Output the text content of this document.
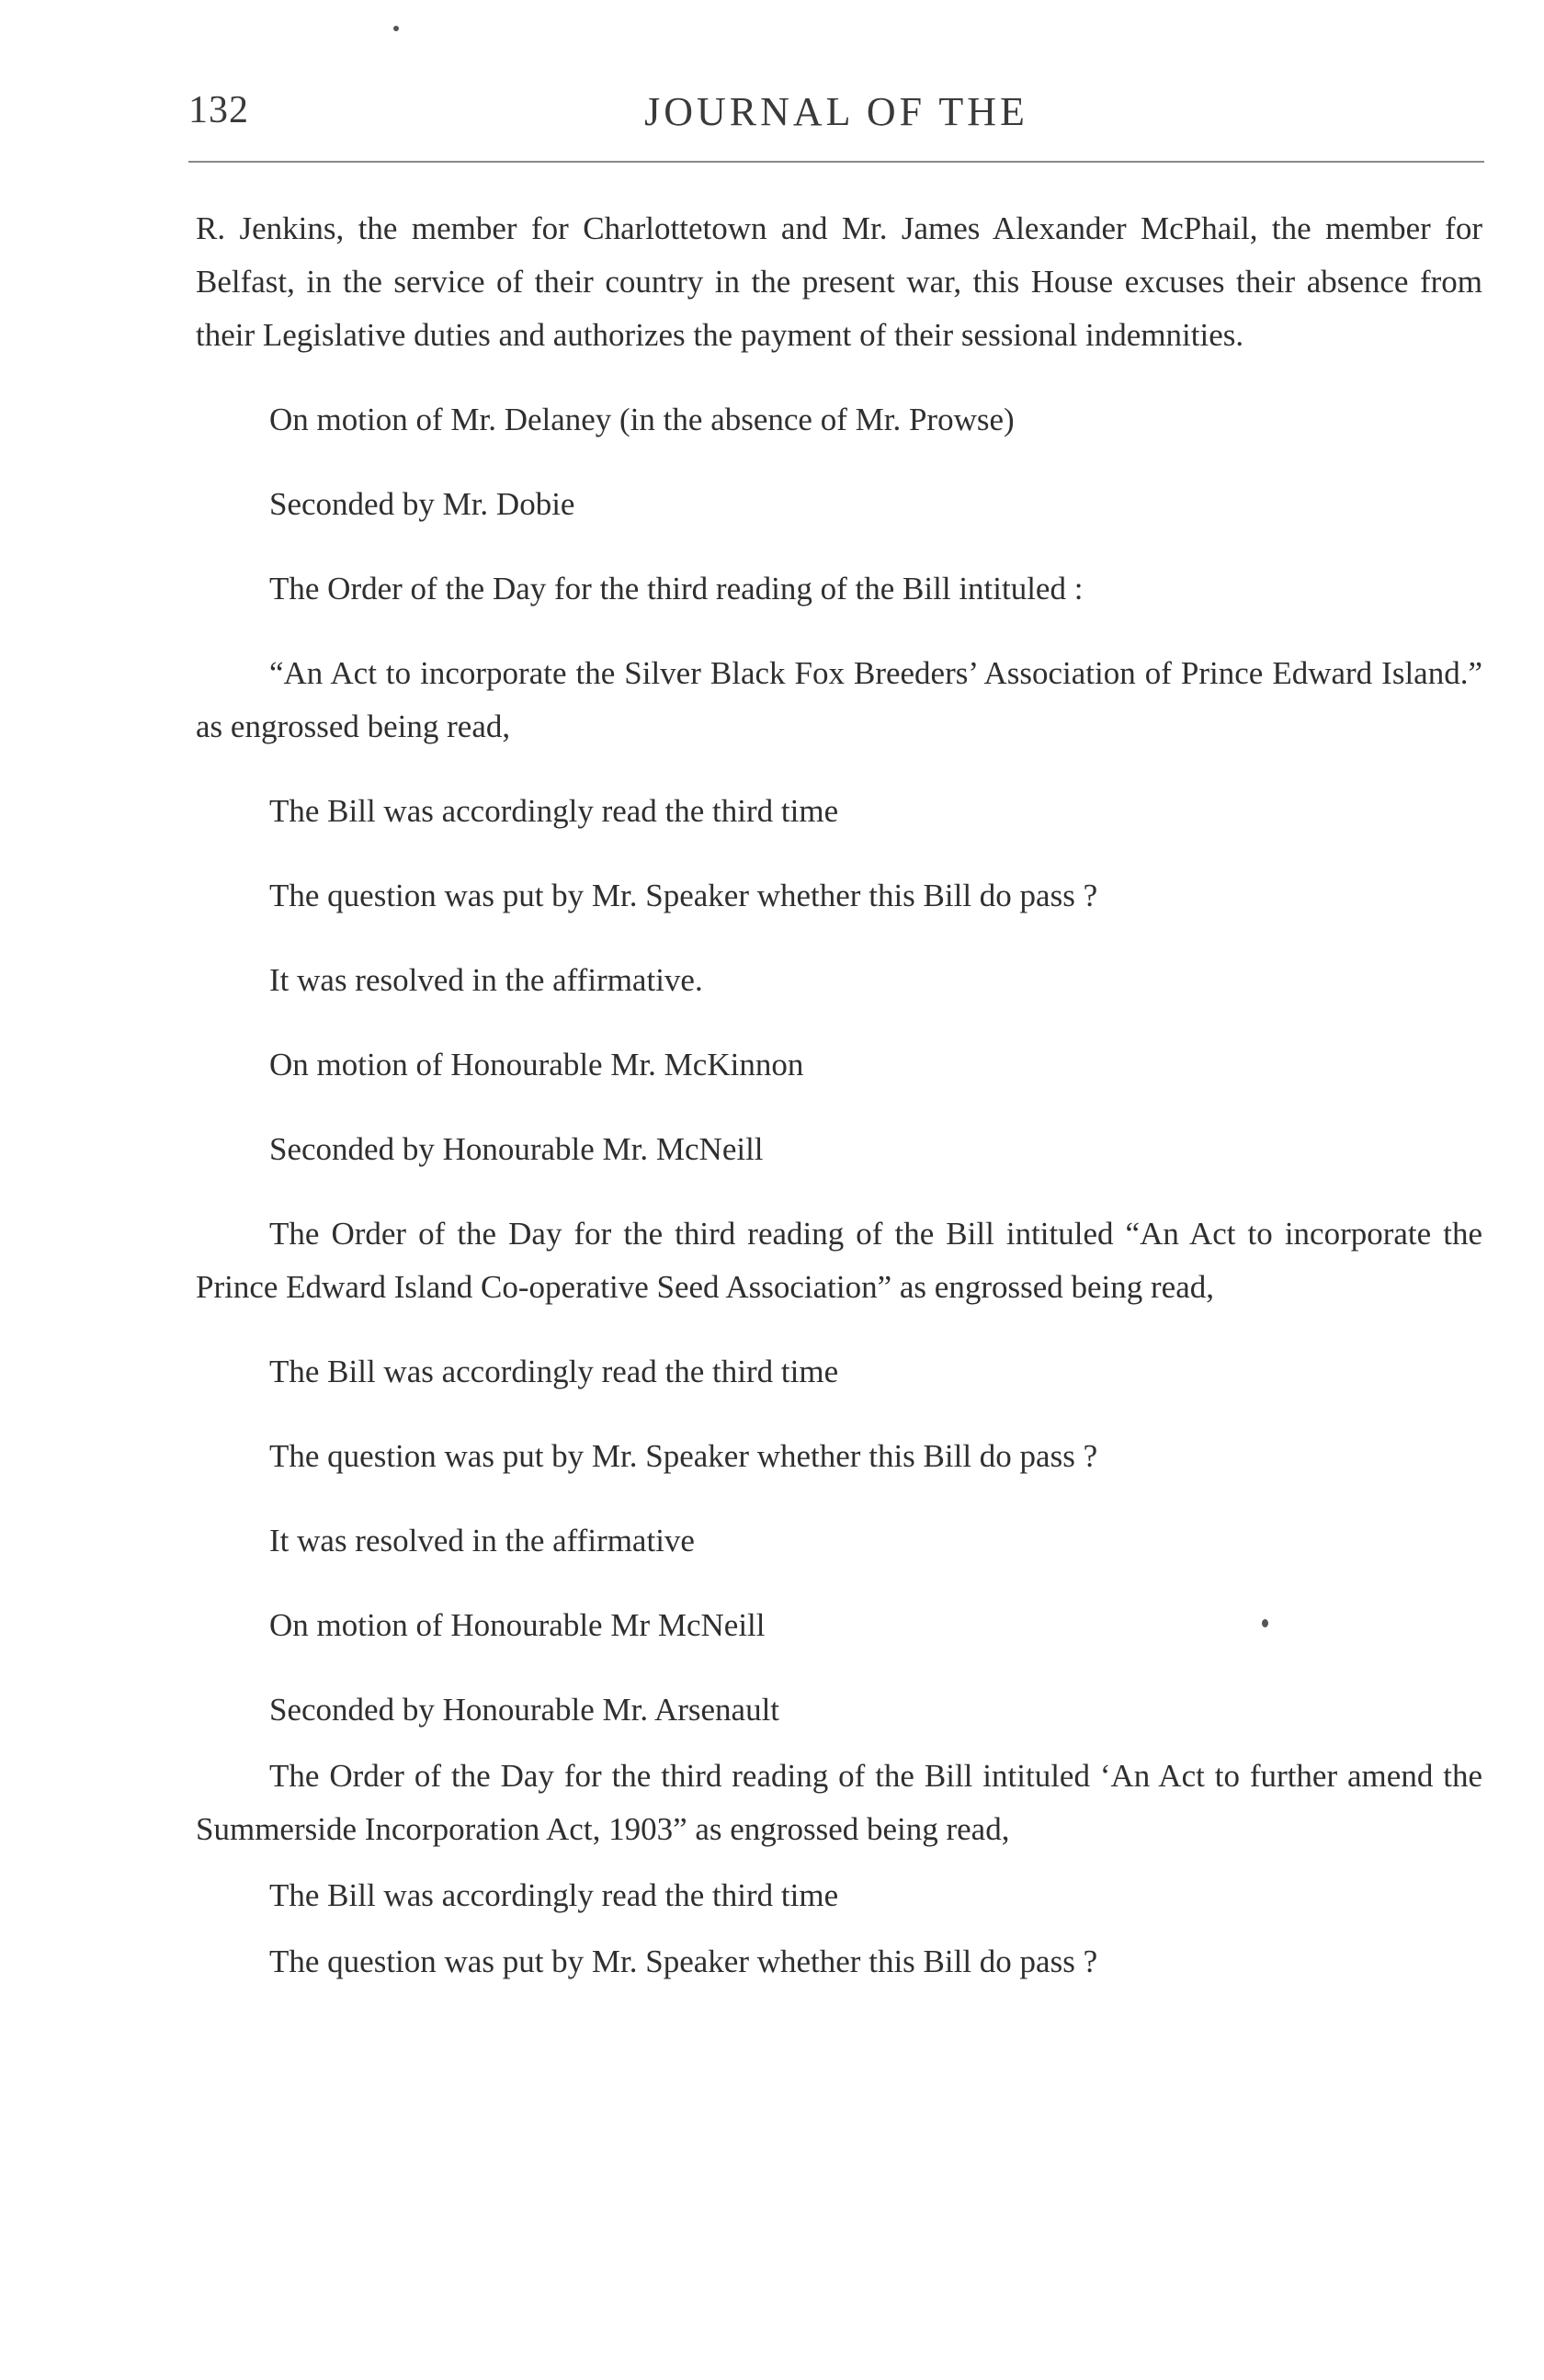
132	JOURNAL OF THE

R. Jenkins, the member for Charlottetown and Mr. James Alexander McPhail, the member for Belfast, in the service of their country in the present war, this House excuses their absence from their Legislative duties and authorizes the payment of their sessional indemnities.

On motion of Mr. Delaney (in the absence of Mr. Prowse)

Seconded by Mr. Dobie

The Order of the Day for the third reading of the Bill intituled :

“An Act to incorporate the Silver Black Fox Breeders’ Association of Prince Edward Island.” as engrossed being read,

The Bill was accordingly read the third time

The question was put by Mr. Speaker whether this Bill do pass ?

It was resolved in the affirmative.

On motion of Honourable Mr. McKinnon

Seconded by Honourable Mr. McNeill

The Order of the Day for the third reading of the Bill intituled “An Act to incorporate the Prince Edward Island Co-operative Seed Association” as engrossed being read,

The Bill was accordingly read the third time

The question was put by Mr. Speaker whether this Bill do pass ?

It was resolved in the affirmative

On motion of Honourable Mr McNeill

Seconded by Honourable Mr. Arsenault

The Order of the Day for the third reading of the Bill intituled ‘An Act to further amend the Summerside Incorporation Act, 1903” as engrossed being read,

The Bill was accordingly read the third time

The question was put by Mr. Speaker whether this Bill do pass ?
